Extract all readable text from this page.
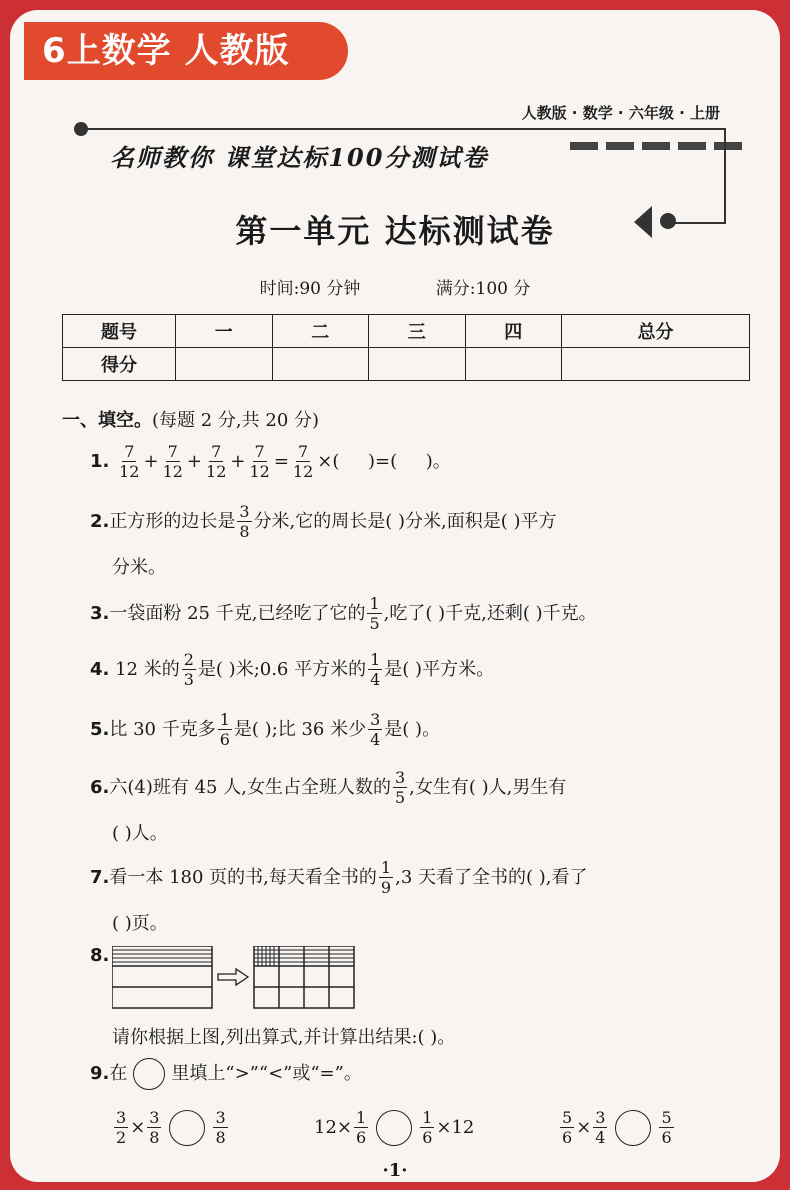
6上数学 人教版
人教版 · 数学 · 六年级 · 上册
名师教你 课堂达标100分测试卷
第一单元 达标测试卷
时间:90 分钟	满分:100 分
题号	一	二	三	四	总分
得分					
一、填空。(每题 2 分,共 20 分)
1. $\frac{7}{12} + \frac{7}{12} + \frac{7}{12} + \frac{7}{12} = \frac{7}{12}$ ×( )=( )。
2.正方形的边长是 $\frac{3}{8}$ 分米,它的周长是( )分米,面积是( )平方
分米。
3.一袋面粉 25 千克,已经吃了它的 $\frac{1}{5}$ ,吃了( )千克,还剩( )千克。
4. 12 米的 $\frac{2}{3}$ 是( )米;0.6 平方米的 $\frac{1}{4}$ 是( )平方米。
5.比 30 千克多 $\frac{1}{6}$ 是( );比 36 米少 $\frac{3}{4}$ 是( )。
6.六(4)班有 45 人,女生占全班人数的 $\frac{3}{5}$ ,女生有( )人,男生有
( )人。
7.看一本 180 页的书,每天看全书的 $\frac{1}{9} ,3$ 天看了全书的( ),看了
( )页。
8.
请你根据上图,列出算式,并计算出结果:( )。
9.在 里填上“>”“<”或“=”。
$\frac{3}{2} \times \frac{3}{8}$	$\frac{3}{8}$	$12\times \frac{1}{6}$	$\frac{1}{6} \times 12$	$\frac{5}{6} \times \frac{3}{4}$	$\frac{5}{6}$
·1·
